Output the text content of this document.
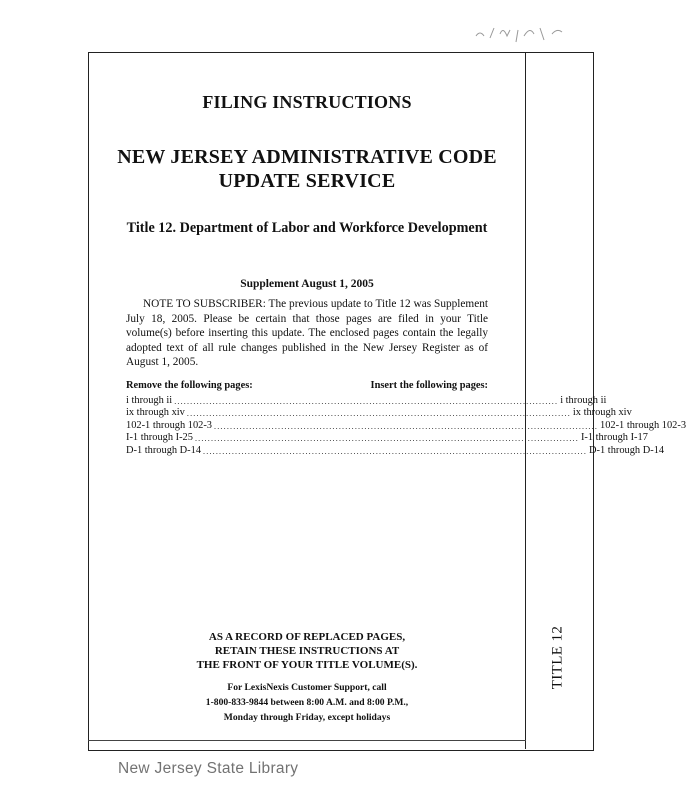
FILING INSTRUCTIONS
NEW JERSEY ADMINISTRATIVE CODE
UPDATE SERVICE
Title 12. Department of Labor and Workforce Development
Supplement August 1, 2005
NOTE TO SUBSCRIBER: The previous update to Title 12 was Supplement July 18, 2005. Please be certain that those pages are filed in your Title volume(s) before inserting this update. The enclosed pages contain the legally adopted text of all rule changes published in the New Jersey Register as of August 1, 2005.
Remove the following pages:	Insert the following pages:
i through ii ........................................................................................................................ i through ii
ix through xiv ........................................................................................................................ ix through xiv
102-1 through 102-3 ........................................................................................................................ 102-1 through 102-3
I-1 through I-25 ........................................................................................................................ I-1 through I-17
D-1 through D-14 ........................................................................................................................ D-1 through D-14
AS A RECORD OF REPLACED PAGES,
RETAIN THESE INSTRUCTIONS AT
THE FRONT OF YOUR TITLE VOLUME(S).
For LexisNexis Customer Support, call
1-800-833-9844 between 8:00 A.M. and 8:00 P.M.,
Monday through Friday, except holidays
TITLE 12
New Jersey State Library
